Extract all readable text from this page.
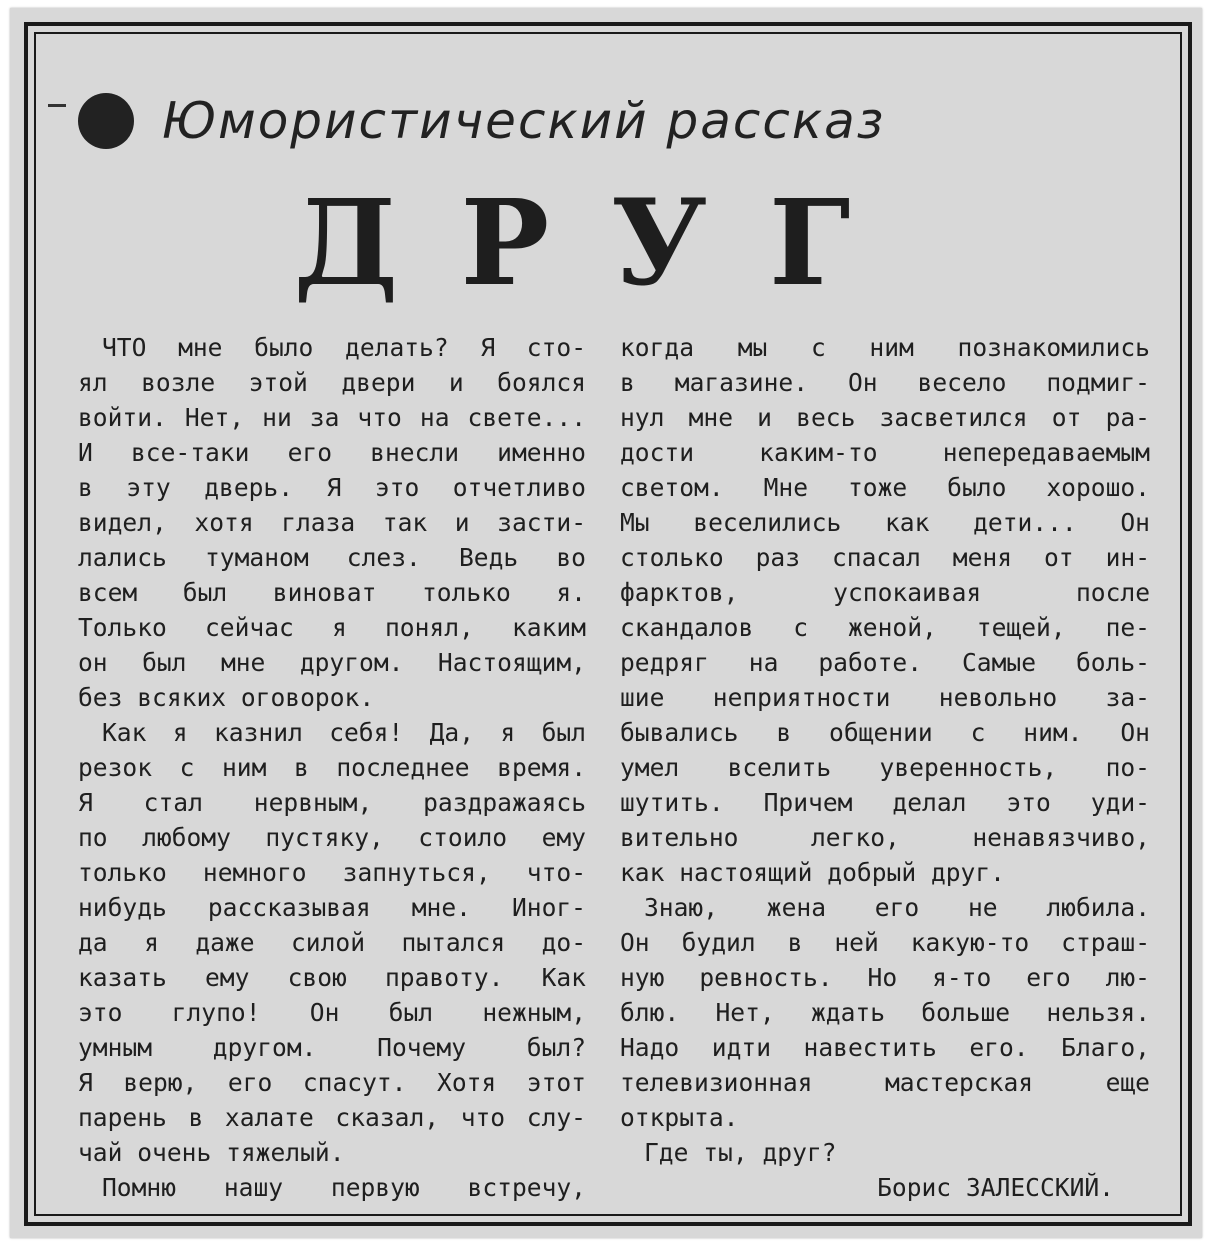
Юмористический рассказ
ДРУГ
ЧТО мне было делать? Я сто-
ял возле этой двери и боялся
войти. Нет, ни за что на свете...
И все-таки его внесли именно
в эту дверь. Я это отчетливо
видел, хотя глаза так и засти-
лались туманом слез. Ведь во
всем был виноват только я.
Только сейчас я понял, каким
он был мне другом. Настоящим,
без всяких оговорок.
Как я казнил себя! Да, я был
резок с ним в последнее время.
Я стал нервным, раздражаясь
по любому пустяку, стоило ему
только немного запнуться, что-
нибудь рассказывая мне. Иног-
да я даже силой пытался до-
казать ему свою правоту. Как
это глупо! Он был нежным,
умным другом. Почему был?
Я верю, его спасут. Хотя этот
парень в халате сказал, что слу-
чай очень тяжелый.
Помню нашу первую встречу,
когда мы с ним познакомились
в магазине. Он весело подмиг-
нул мне и весь засветился от ра-
дости каким-то непередаваемым
светом. Мне тоже было хорошо.
Мы веселились как дети... Он
столько раз спасал меня от ин-
фарктов, успокаивая после
скандалов с женой, тещей, пе-
редряг на работе. Самые боль-
шие неприятности невольно за-
бывались в общении с ним. Он
умел вселить уверенность, по-
шутить. Причем делал это уди-
вительно легко, ненавязчиво,
как настоящий добрый друг.
Знаю, жена его не любила.
Он будил в ней какую-то страш-
ную ревность. Но я-то его лю-
блю. Нет, ждать больше нельзя.
Надо идти навестить его. Благо,
телевизионная мастерская еще
открыта.
Где ты, друг?
Борис ЗАЛЕССКИЙ.
